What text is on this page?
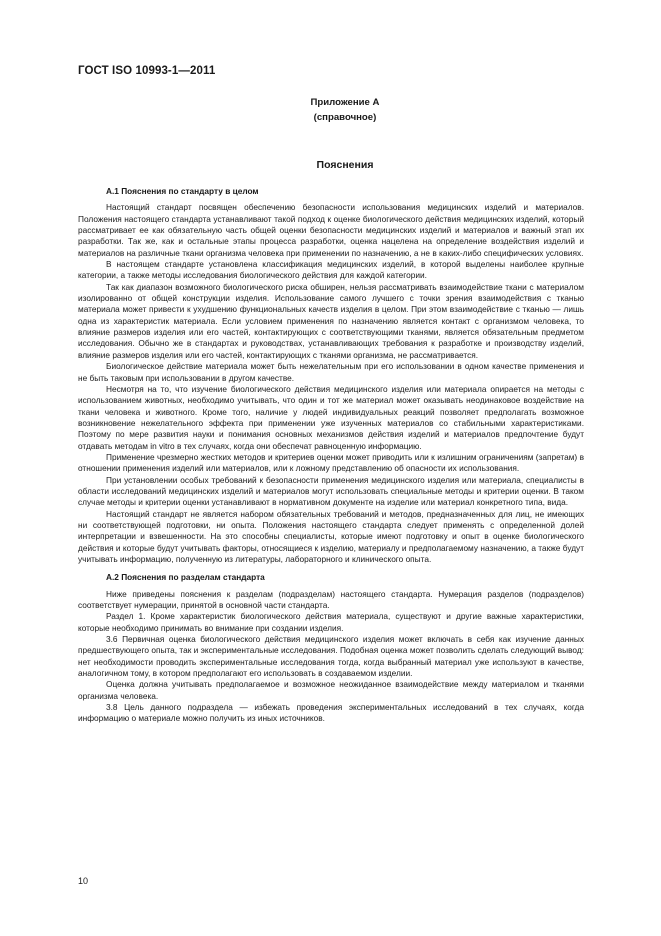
ГОСТ ISO 10993-1—2011
Приложение А
(справочное)
Пояснения

А.1 Пояснения по стандарту в целом

Настоящий стандарт посвящен обеспечению безопасности использования медицинских изделий и материалов. Положения настоящего стандарта устанавливают такой подход к оценке биологического действия медицинских изделий, который рассматривает ее как обязательную часть общей оценки безопасности медицинских изделий и материалов и важный этап их разработки. Так же, как и остальные этапы процесса разработки, оценка нацелена на определение воздействия изделий и материалов на различные ткани организма человека при применении по назначению, а не в каких-либо специфических условиях.

В настоящем стандарте установлена классификация медицинских изделий, в которой выделены наиболее крупные категории, а также методы исследования биологического действия для каждой категории.

Так как диапазон возможного биологического риска обширен, нельзя рассматривать взаимодействие ткани с материалом изолированно от общей конструкции изделия. Использование самого лучшего с точки зрения взаимодействия с тканью материала может привести к ухудшению функциональных качеств изделия в целом. При этом взаимодействие с тканью — лишь одна из характеристик материала. Если условием применения по назначению является контакт с организмом человека, то влияние размеров изделия или его частей, контактирующих с соответствующими тканями, является обязательным предметом исследования. Обычно же в стандартах и руководствах, устанавливающих требования к разработке и производству изделий, влияние размеров изделия или его частей, контактирующих с тканями организма, не рассматривается.

Биологическое действие материала может быть нежелательным при его использовании в одном качестве применения и не быть таковым при использовании в другом качестве.

Несмотря на то, что изучение биологического действия медицинского изделия или материала опирается на методы с использованием животных, необходимо учитывать, что один и тот же материал может оказывать неодинаковое воздействие на ткани человека и животного. Кроме того, наличие у людей индивидуальных реакций позволяет предполагать возможное возникновение нежелательного эффекта при применении уже изученных материалов со стабильными характеристиками. Поэтому по мере развития науки и понимания основных механизмов действия изделий и материалов предпочтение будут отдавать методам in vitro в тех случаях, когда они обеспечат равноценную информацию.

Применение чрезмерно жестких методов и критериев оценки может приводить или к излишним ограничениям (запретам) в отношении применения изделий или материалов, или к ложному представлению об опасности их использования.

При установлении особых требований к безопасности применения медицинского изделия или материала, специалисты в области исследований медицинских изделий и материалов могут использовать специальные методы и критерии оценки. В таком случае методы и критерии оценки устанавливают в нормативном документе на изделие или материал конкретного типа, вида.

Настоящий стандарт не является набором обязательных требований и методов, предназначенных для лиц, не имеющих ни соответствующей подготовки, ни опыта. Положения настоящего стандарта следует применять с определенной долей интерпретации и взвешенности. На это способны специалисты, которые имеют подготовку и опыт в оценке биологического действия и которые будут учитывать факторы, относящиеся к изделию, материалу и предполагаемому назначению, а также будут учитывать информацию, полученную из литературы, лабораторного и клинического опыта.

А.2 Пояснения по разделам стандарта

Ниже приведены пояснения к разделам (подразделам) настоящего стандарта. Нумерация разделов (подразделов) соответствует нумерации, принятой в основной части стандарта.

Раздел 1. Кроме характеристик биологического действия материала, существуют и другие важные характеристики, которые необходимо принимать во внимание при создании изделия.

3.6 Первичная оценка биологического действия медицинского изделия может включать в себя как изучение данных предшествующего опыта, так и экспериментальные исследования. Подобная оценка может позволить сделать следующий вывод: нет необходимости проводить экспериментальные исследования тогда, когда выбранный материал уже используют в качестве, аналогичном тому, в котором предполагают его использовать в создаваемом изделии.

Оценка должна учитывать предполагаемое и возможное неожиданное взаимодействие между материалом и тканями организма человека.

3.8 Цель данного подраздела — избежать проведения экспериментальных исследований в тех случаях, когда информацию о материале можно получить из иных источников.

10
